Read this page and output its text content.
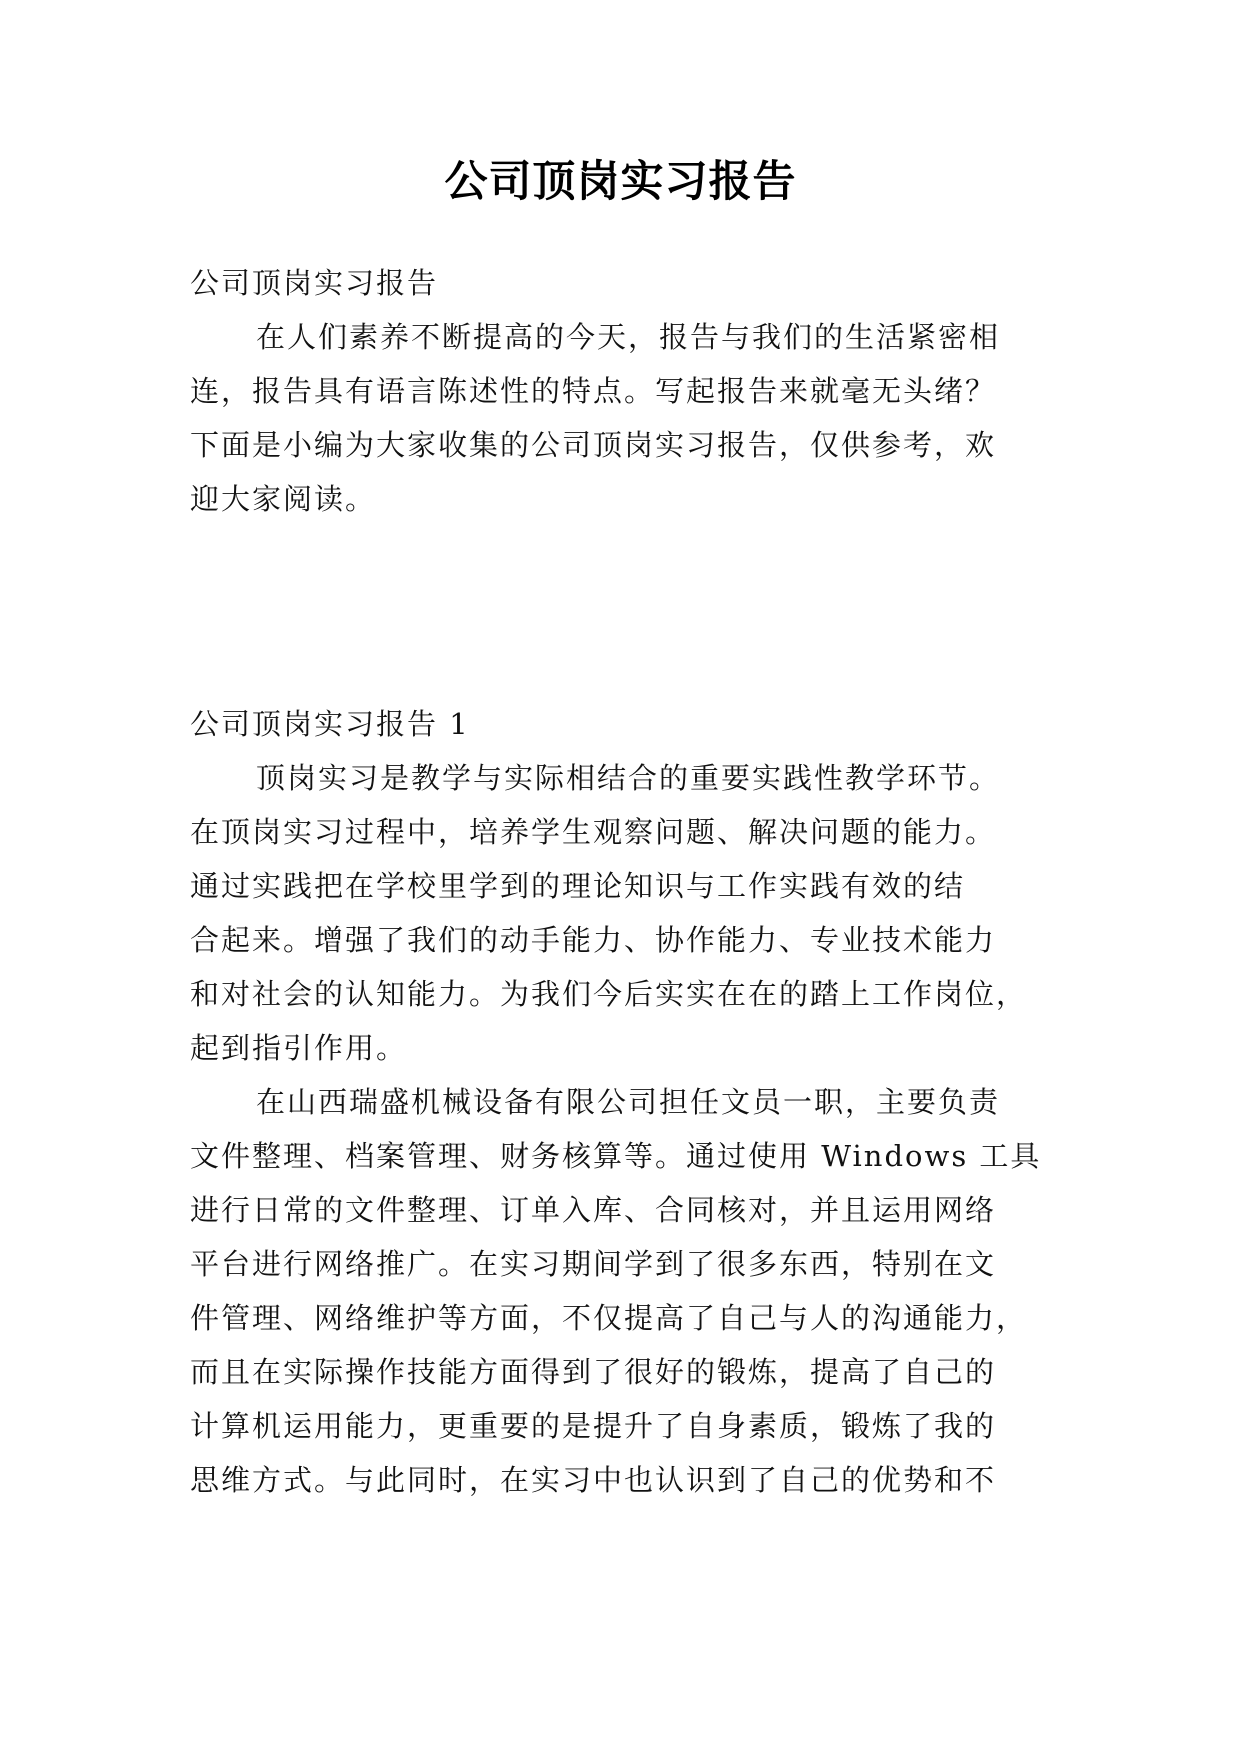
公司顶岗实习报告
公司顶岗实习报告
在人们素养不断提高的今天，报告与我们的生活紧密相
连，报告具有语言陈述性的特点。写起报告来就毫无头绪？
下面是小编为大家收集的公司顶岗实习报告，仅供参考，欢
迎大家阅读。
公司顶岗实习报告 1
顶岗实习是教学与实际相结合的重要实践性教学环节。
在顶岗实习过程中，培养学生观察问题、解决问题的能力。
通过实践把在学校里学到的理论知识与工作实践有效的结
合起来。增强了我们的动手能力、协作能力、专业技术能力
和对社会的认知能力。为我们今后实实在在的踏上工作岗位，
起到指引作用。
在山西瑞盛机械设备有限公司担任文员一职，主要负责
文件整理、档案管理、财务核算等。通过使用 Windows 工具
进行日常的文件整理、订单入库、合同核对，并且运用网络
平台进行网络推广。在实习期间学到了很多东西，特别在文
件管理、网络维护等方面，不仅提高了自己与人的沟通能力，
而且在实际操作技能方面得到了很好的锻炼，提高了自己的
计算机运用能力，更重要的是提升了自身素质，锻炼了我的
思维方式。与此同时，在实习中也认识到了自己的优势和不
